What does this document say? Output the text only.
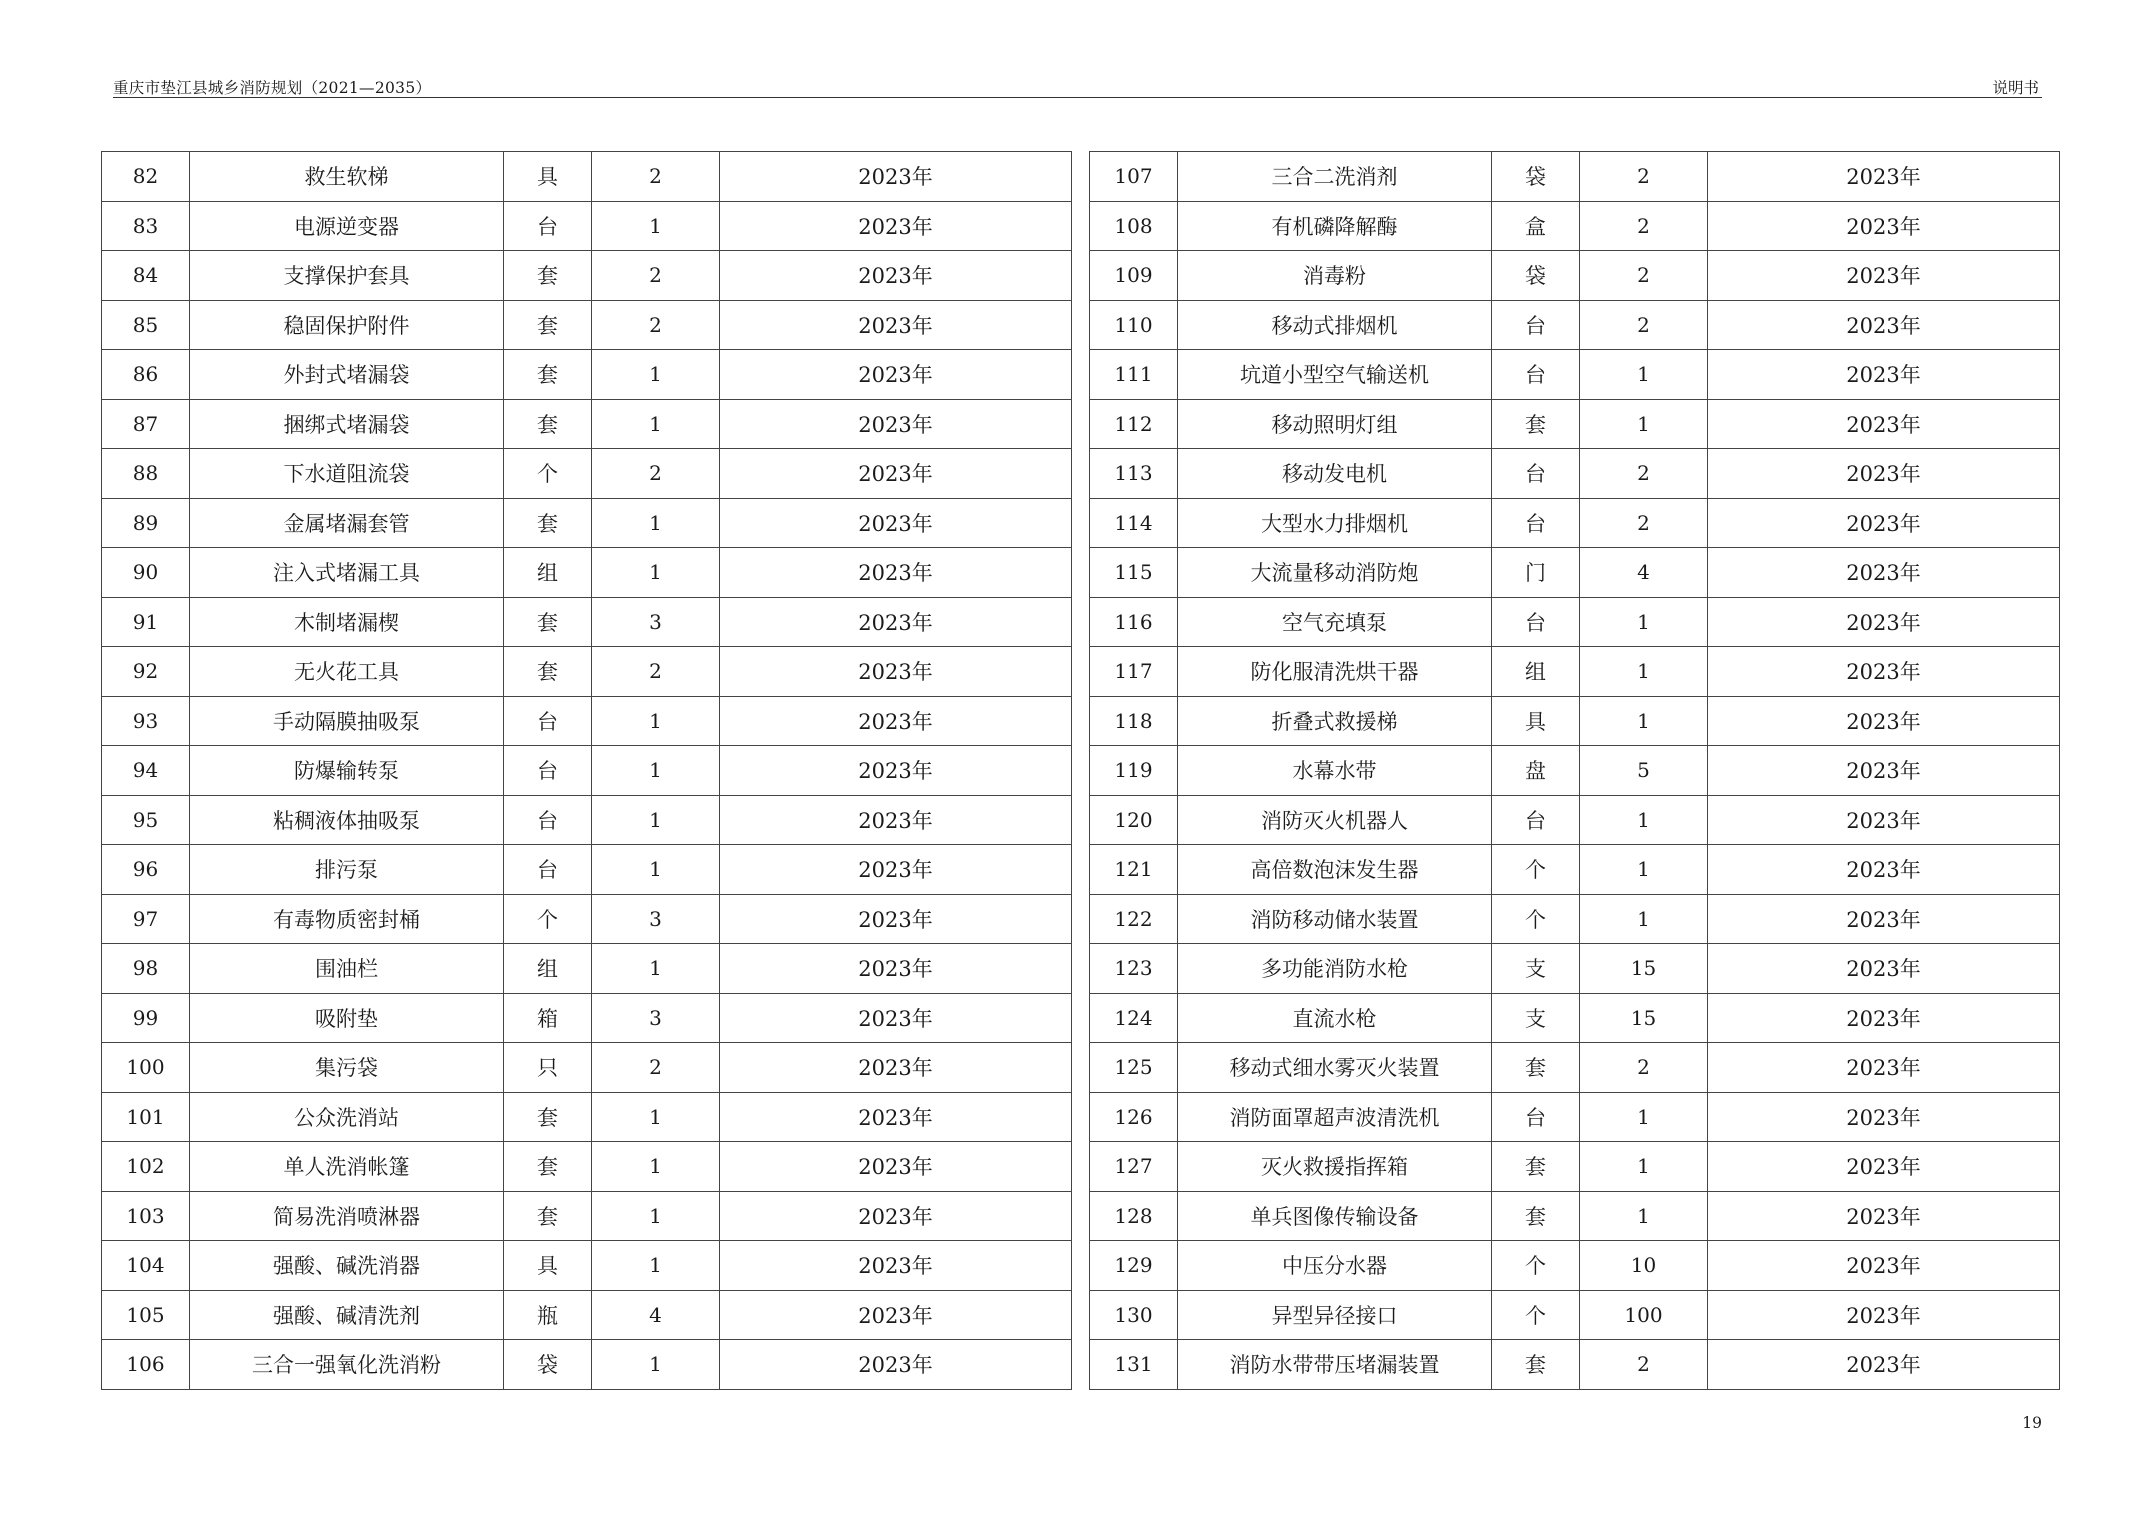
重庆市垫江县城乡消防规划（2021—2035）	说明书
82	救生软梯	具	2	2023年
83	电源逆变器	台	1	2023年
84	支撑保护套具	套	2	2023年
85	稳固保护附件	套	2	2023年
86	外封式堵漏袋	套	1	2023年
87	捆绑式堵漏袋	套	1	2023年
88	下水道阻流袋	个	2	2023年
89	金属堵漏套管	套	1	2023年
90	注入式堵漏工具	组	1	2023年
91	木制堵漏楔	套	3	2023年
92	无火花工具	套	2	2023年
93	手动隔膜抽吸泵	台	1	2023年
94	防爆输转泵	台	1	2023年
95	粘稠液体抽吸泵	台	1	2023年
96	排污泵	台	1	2023年
97	有毒物质密封桶	个	3	2023年
98	围油栏	组	1	2023年
99	吸附垫	箱	3	2023年
100	集污袋	只	2	2023年
101	公众洗消站	套	1	2023年
102	单人洗消帐篷	套	1	2023年
103	简易洗消喷淋器	套	1	2023年
104	强酸、碱洗消器	具	1	2023年
105	强酸、碱清洗剂	瓶	4	2023年
106	三合一强氧化洗消粉	袋	1	2023年
107	三合二洗消剂	袋	2	2023年
108	有机磷降解酶	盒	2	2023年
109	消毒粉	袋	2	2023年
110	移动式排烟机	台	2	2023年
111	坑道小型空气输送机	台	1	2023年
112	移动照明灯组	套	1	2023年
113	移动发电机	台	2	2023年
114	大型水力排烟机	台	2	2023年
115	大流量移动消防炮	门	4	2023年
116	空气充填泵	台	1	2023年
117	防化服清洗烘干器	组	1	2023年
118	折叠式救援梯	具	1	2023年
119	水幕水带	盘	5	2023年
120	消防灭火机器人	台	1	2023年
121	高倍数泡沫发生器	个	1	2023年
122	消防移动储水装置	个	1	2023年
123	多功能消防水枪	支	15	2023年
124	直流水枪	支	15	2023年
125	移动式细水雾灭火装置	套	2	2023年
126	消防面罩超声波清洗机	台	1	2023年
127	灭火救援指挥箱	套	1	2023年
128	单兵图像传输设备	套	1	2023年
129	中压分水器	个	10	2023年
130	异型异径接口	个	100	2023年
131	消防水带带压堵漏装置	套	2	2023年
19
